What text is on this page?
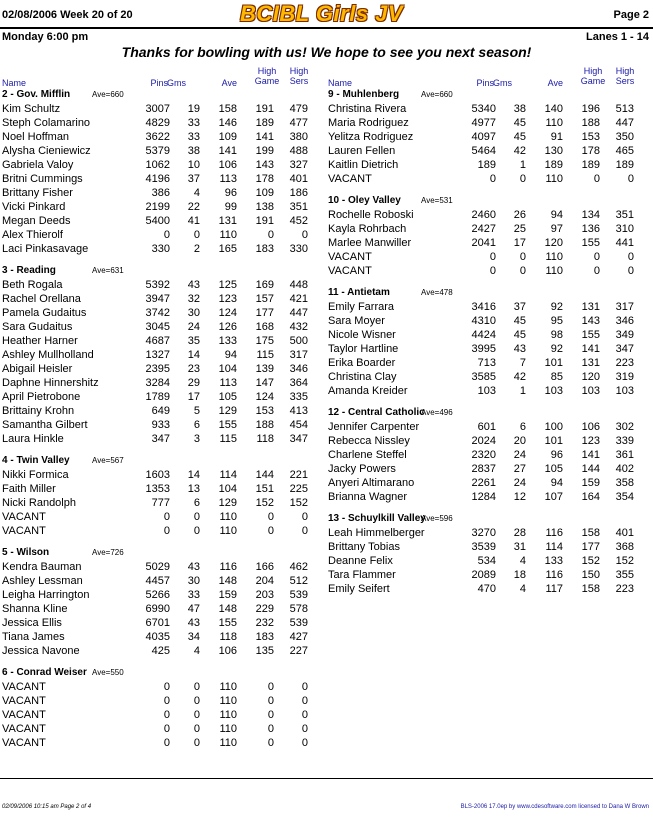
02/08/2006 Week 20 of 20	BCIBL Girls JV	Page 2
Monday 6:00 pm	Lanes 1 - 14
Thanks for bowling with us! We hope to see you next season!
Name	Pins Gms	Ave
High Game
High Sers
2 - Gov. Mifflin	Ave=660
Kim Schultz	3007 19 158 191 479
Steph Colamarino	4829 33 146 189 477
Noel Hoffman	3622 33 109 141 380
Alysha Cieniewicz	5379 38 141 199 488
Gabriela Valoy	1062 10 106 143 327
Britni Cummings	4196 37 113 178 401
Brittany Fisher	386 4 96 109 186
Vicki Pinkard	2199 22 99 138 351
Megan Deeds	5400 41 131 191 452
Alex Thierolf	0 0 110	0	0
Laci Pinkasavage	330 2 165 183 330
3 - Reading	Ave=631
Beth Rogala	5392 43 125 169 448
Rachel Orellana	3947 32 123 157 421
Pamela Gudaitus	3742 30 124 177 447
Sara Gudaitus	3045 24 126 168 432
Heather Harner	4687 35 133 175 500
Ashley Mullholland	1327 14 94 115 317
Abigail Heisler	2395 23 104 139 346
Daphne Hinnershitz	3284 29 113 147 364
April Pietrobone	1789 17 105 124 335
Brittainy Krohn	649 5 129 153 413
Samantha Gilbert	933 6 155 188 454
Laura Hinkle	347 3 115 118 347
4 - Twin Valley	Ave=567
Nikki Formica	1603 14 114 144 221
Faith Miller	1353 13 104 151 225
Nicki Randolph	777 6 129 152 152
VACANT	0 0 110	0	0
VACANT	0 0 110	0	0
5 - Wilson	Ave=726
Kendra Bauman	5029 43 116 166 462
Ashley Lessman	4457 30 148 204 512
Leigha Harrington	5266 33 159 203 539
Shanna Kline	6990 47 148 229 578
Jessica Ellis	6701 43 155 232 539
Tiana James	4035 34 118 183 427
Jessica Navone	425 4 106 135 227
6 - Conrad Weiser Ave=550
VACANT	0 0 110	0	0
VACANT	0 0 110	0	0
VACANT	0 0 110	0	0
VACANT	0 0 110	0	0
VACANT	0 0 110	0	0
Name	Pins Gms	Ave
High Game
High Sers
9 - Muhlenberg	Ave=660
Christina Rivera	5340 38 140 196 513
Maria Rodriguez	4977 45 110 188 447
Yelitza Rodriguez	4097 45 91 153 350
Lauren Fellen	5464 42 130 178 465
Kaitlin Dietrich	189 1 189 189 189
VACANT	0 0 110	0	0
10 - Oley Valley	Ave=531
Rochelle Roboski	2460 26 94 134 351
Kayla Rohrbach	2427 25 97 136 310
Marlee Manwiller	2041 17 120 155 441
VACANT	0 0 110	0	0
VACANT	0 0 110	0	0
11 - Antietam	Ave=478
Emily Farrara	3416 37 92 131 317
Sara Moyer	4310 45 95 143 346
Nicole Wisner	4424 45 98 155 349
Taylor Hartline	3995 43 92 141 347
Erika Boarder	713 7 101 131 223
Christina Clay	3585 42 85 120 319
Amanda Kreider	103 1 103 103 103
12 - Central Catholic
Ave=496
Jennifer Carpenter	601 6 100 106 302
Rebecca Nissley	2024 20 101 123 339
Charlene Steffel	2320 24 96 141 361
Jacky Powers	2837 27 105 144 402
Anyeri Altimarano	2261 24 94 159 358
Brianna Wagner	1284 12 107 164 354
13 - Schuylkill Valley
Ave=596
Leah Himmelberger	3270 28 116 158 401
Brittany Tobias	3539 31 114 177 368
Deanne Felix	534 4 133 152 152
Tara Flammer	2089 18 116 150 355
Emily Seifert	470 4 117 158 223
02/09/2006 10:15 am Page 2 of 4	BLS-2006 17.0ep by www.cdesoftware.com licensed to Dana W Brown
